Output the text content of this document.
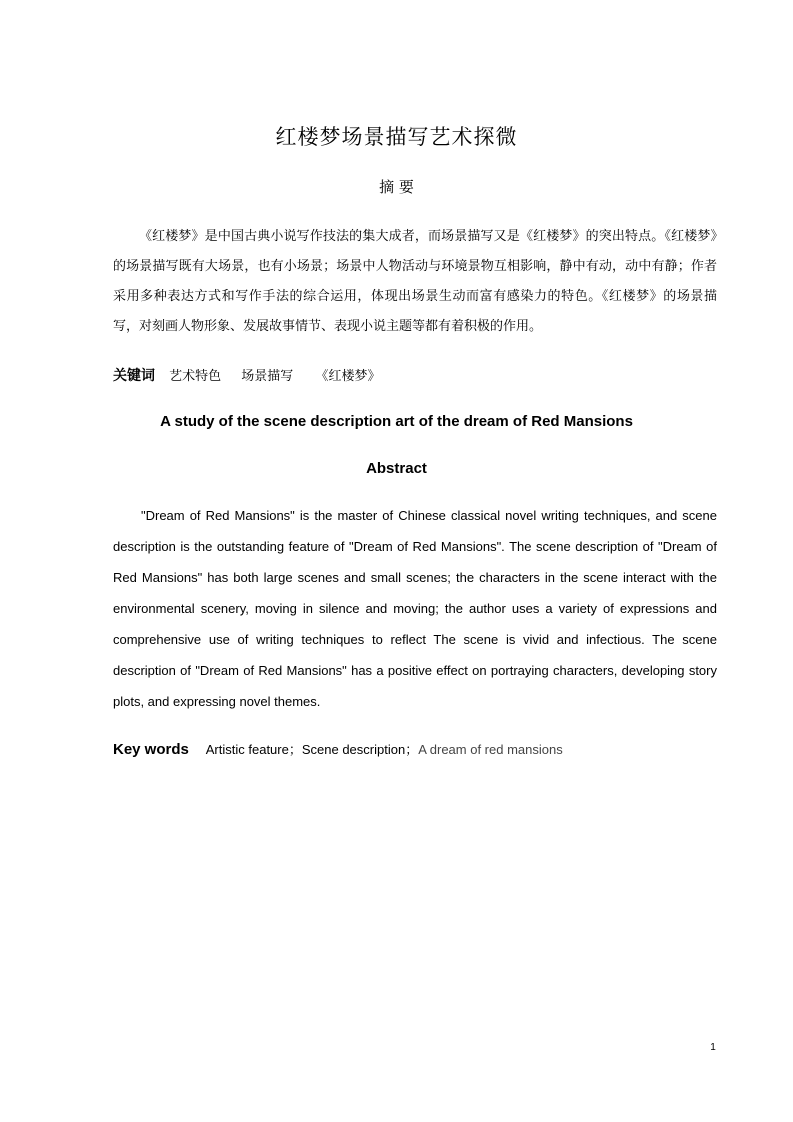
红楼梦场景描写艺术探微
摘 要

《红楼梦》是中国古典小说写作技法的集大成者，而场景描写又是《红楼梦》的突出特点。《红楼梦》的场景描写既有大场景，也有小场景；场景中人物活动与环境景物互相影响，静中有动，动中有静；作者采用多种表达方式和写作手法的综合运用，体现出场景生动而富有感染力的特色。《红楼梦》的场景描写，对刻画人物形象、发展故事情节、表现小说主题等都有着积极的作用。

关键词 艺术特色 场景描写 《红楼梦》
A study of the scene description art of the dream of Red Mansions
Abstract

"Dream of Red Mansions" is the master of Chinese classical novel writing techniques, and scene description is the outstanding feature of "Dream of Red Mansions". The scene description of "Dream of Red Mansions" has both large scenes and small scenes; the characters in the scene interact with the environmental scenery, moving in silence and moving; the author uses a variety of expressions and comprehensive use of writing techniques to reflect The scene is vivid and infectious. The scene description of "Dream of Red Mansions" has a positive effect on portraying characters, developing story plots, and expressing novel themes.

Key words Artistic feature；Scene description；A dream of red mansions
1
